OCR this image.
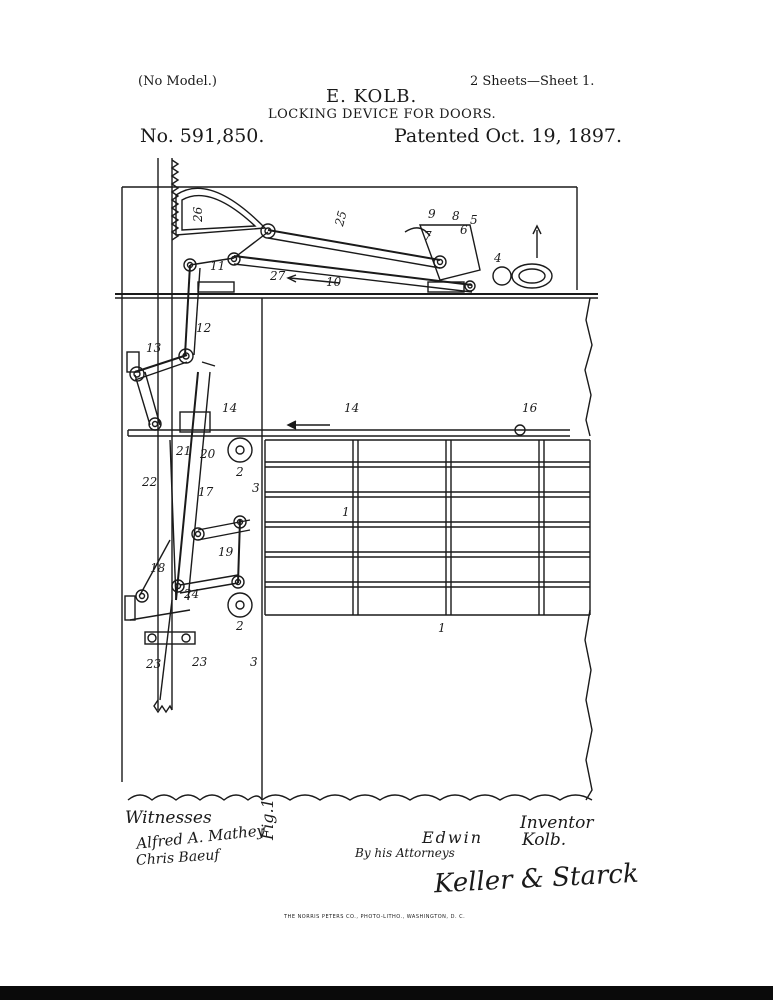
(No Model.)	2 Sheets—Sheet 1.
E. KOLB.
LOCKING DEVICE FOR DOORS.
No. 591,850.	Patented Oct. 19, 1897.
26	25	9 8
7 6
5
4
11
27	10
12
13
14	14	16
21 20
22
2
3
17
1
19
18
24
2
23	23	3
1
Witnesses
Alfred A. Mathey
Chris Baeuf
Fig.1	Inventor
Edwin Kolb.
By his Attorneys
Keller & Starck
THE NORRIS PETERS CO., PHOTO-LITHO., WASHINGTON, D. C.
